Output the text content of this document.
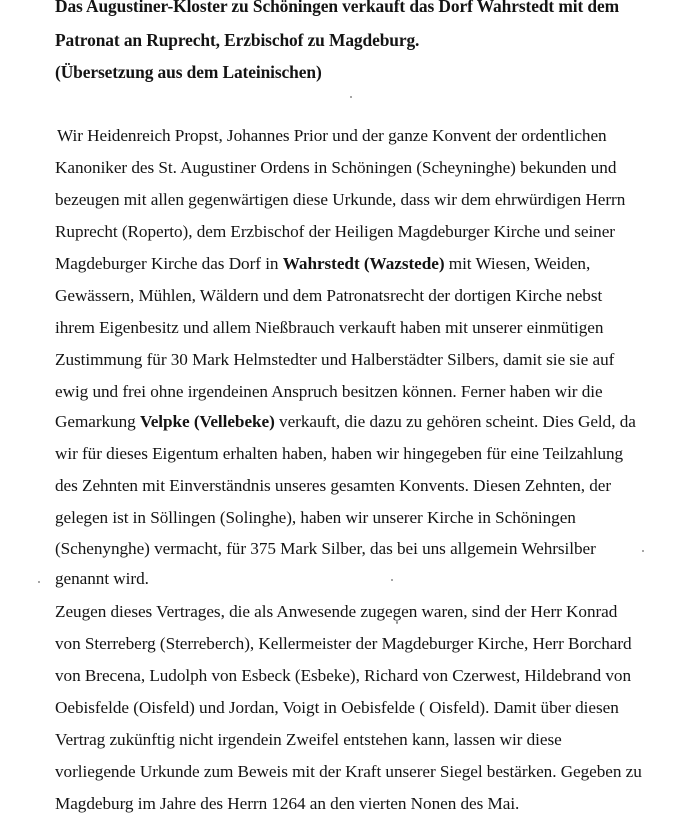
Das Augustiner-Kloster zu Schöningen verkauft das Dorf Wahrstedt mit dem
Patronat an Ruprecht, Erzbischof zu Magdeburg.
(Übersetzung aus dem Lateinischen)
Wir Heidenreich Propst, Johannes Prior und der ganze Konvent der ordentlichen
Kanoniker des St. Augustiner Ordens in Schöningen (Scheyninghe) bekunden und
bezeugen mit allen gegenwärtigen diese Urkunde, dass wir dem ehrwürdigen Herrn
Ruprecht (Roperto), dem Erzbischof der Heiligen Magdeburger Kirche und seiner
Magdeburger Kirche das Dorf in Wahrstedt (Wazstede) mit Wiesen, Weiden,
Gewässern, Mühlen, Wäldern und dem Patronatsrecht der dortigen Kirche nebst
ihrem Eigenbesitz und allem Nießbrauch verkauft haben mit unserer einmütigen
Zustimmung für 30 Mark Helmstedter und Halberstädter Silbers, damit sie sie auf
ewig und frei ohne irgendeinen Anspruch besitzen können. Ferner haben wir die
Gemarkung Velpke (Vellebeke) verkauft, die dazu zu gehören scheint. Dies Geld, da
wir für dieses Eigentum erhalten haben, haben wir hingegeben für eine Teilzahlung
des Zehnten mit Einverständnis unseres gesamten Konvents. Diesen Zehnten, der
gelegen ist in Söllingen (Solinghe), haben wir unserer Kirche in Schöningen
(Schenynghe) vermacht, für 375 Mark Silber, das bei uns allgemein Wehrsilber
genannt wird.
Zeugen dieses Vertrages, die als Anwesende zugegen waren, sind der Herr Konrad
von Sterreberg (Sterreberch), Kellermeister der Magdeburger Kirche, Herr Borchard
von Brecena, Ludolph von Esbeck (Esbeke), Richard von Czerwest, Hildebrand von
Oebisfelde (Oisfeld) und Jordan, Voigt in Oebisfelde ( Oisfeld). Damit über diesen
Vertrag zukünftig nicht irgendein Zweifel entstehen kann, lassen wir diese
vorliegende Urkunde zum Beweis mit der Kraft unserer Siegel bestärken. Gegeben zu
Magdeburg im Jahre des Herrn 1264 an den vierten Nonen des Mai.
